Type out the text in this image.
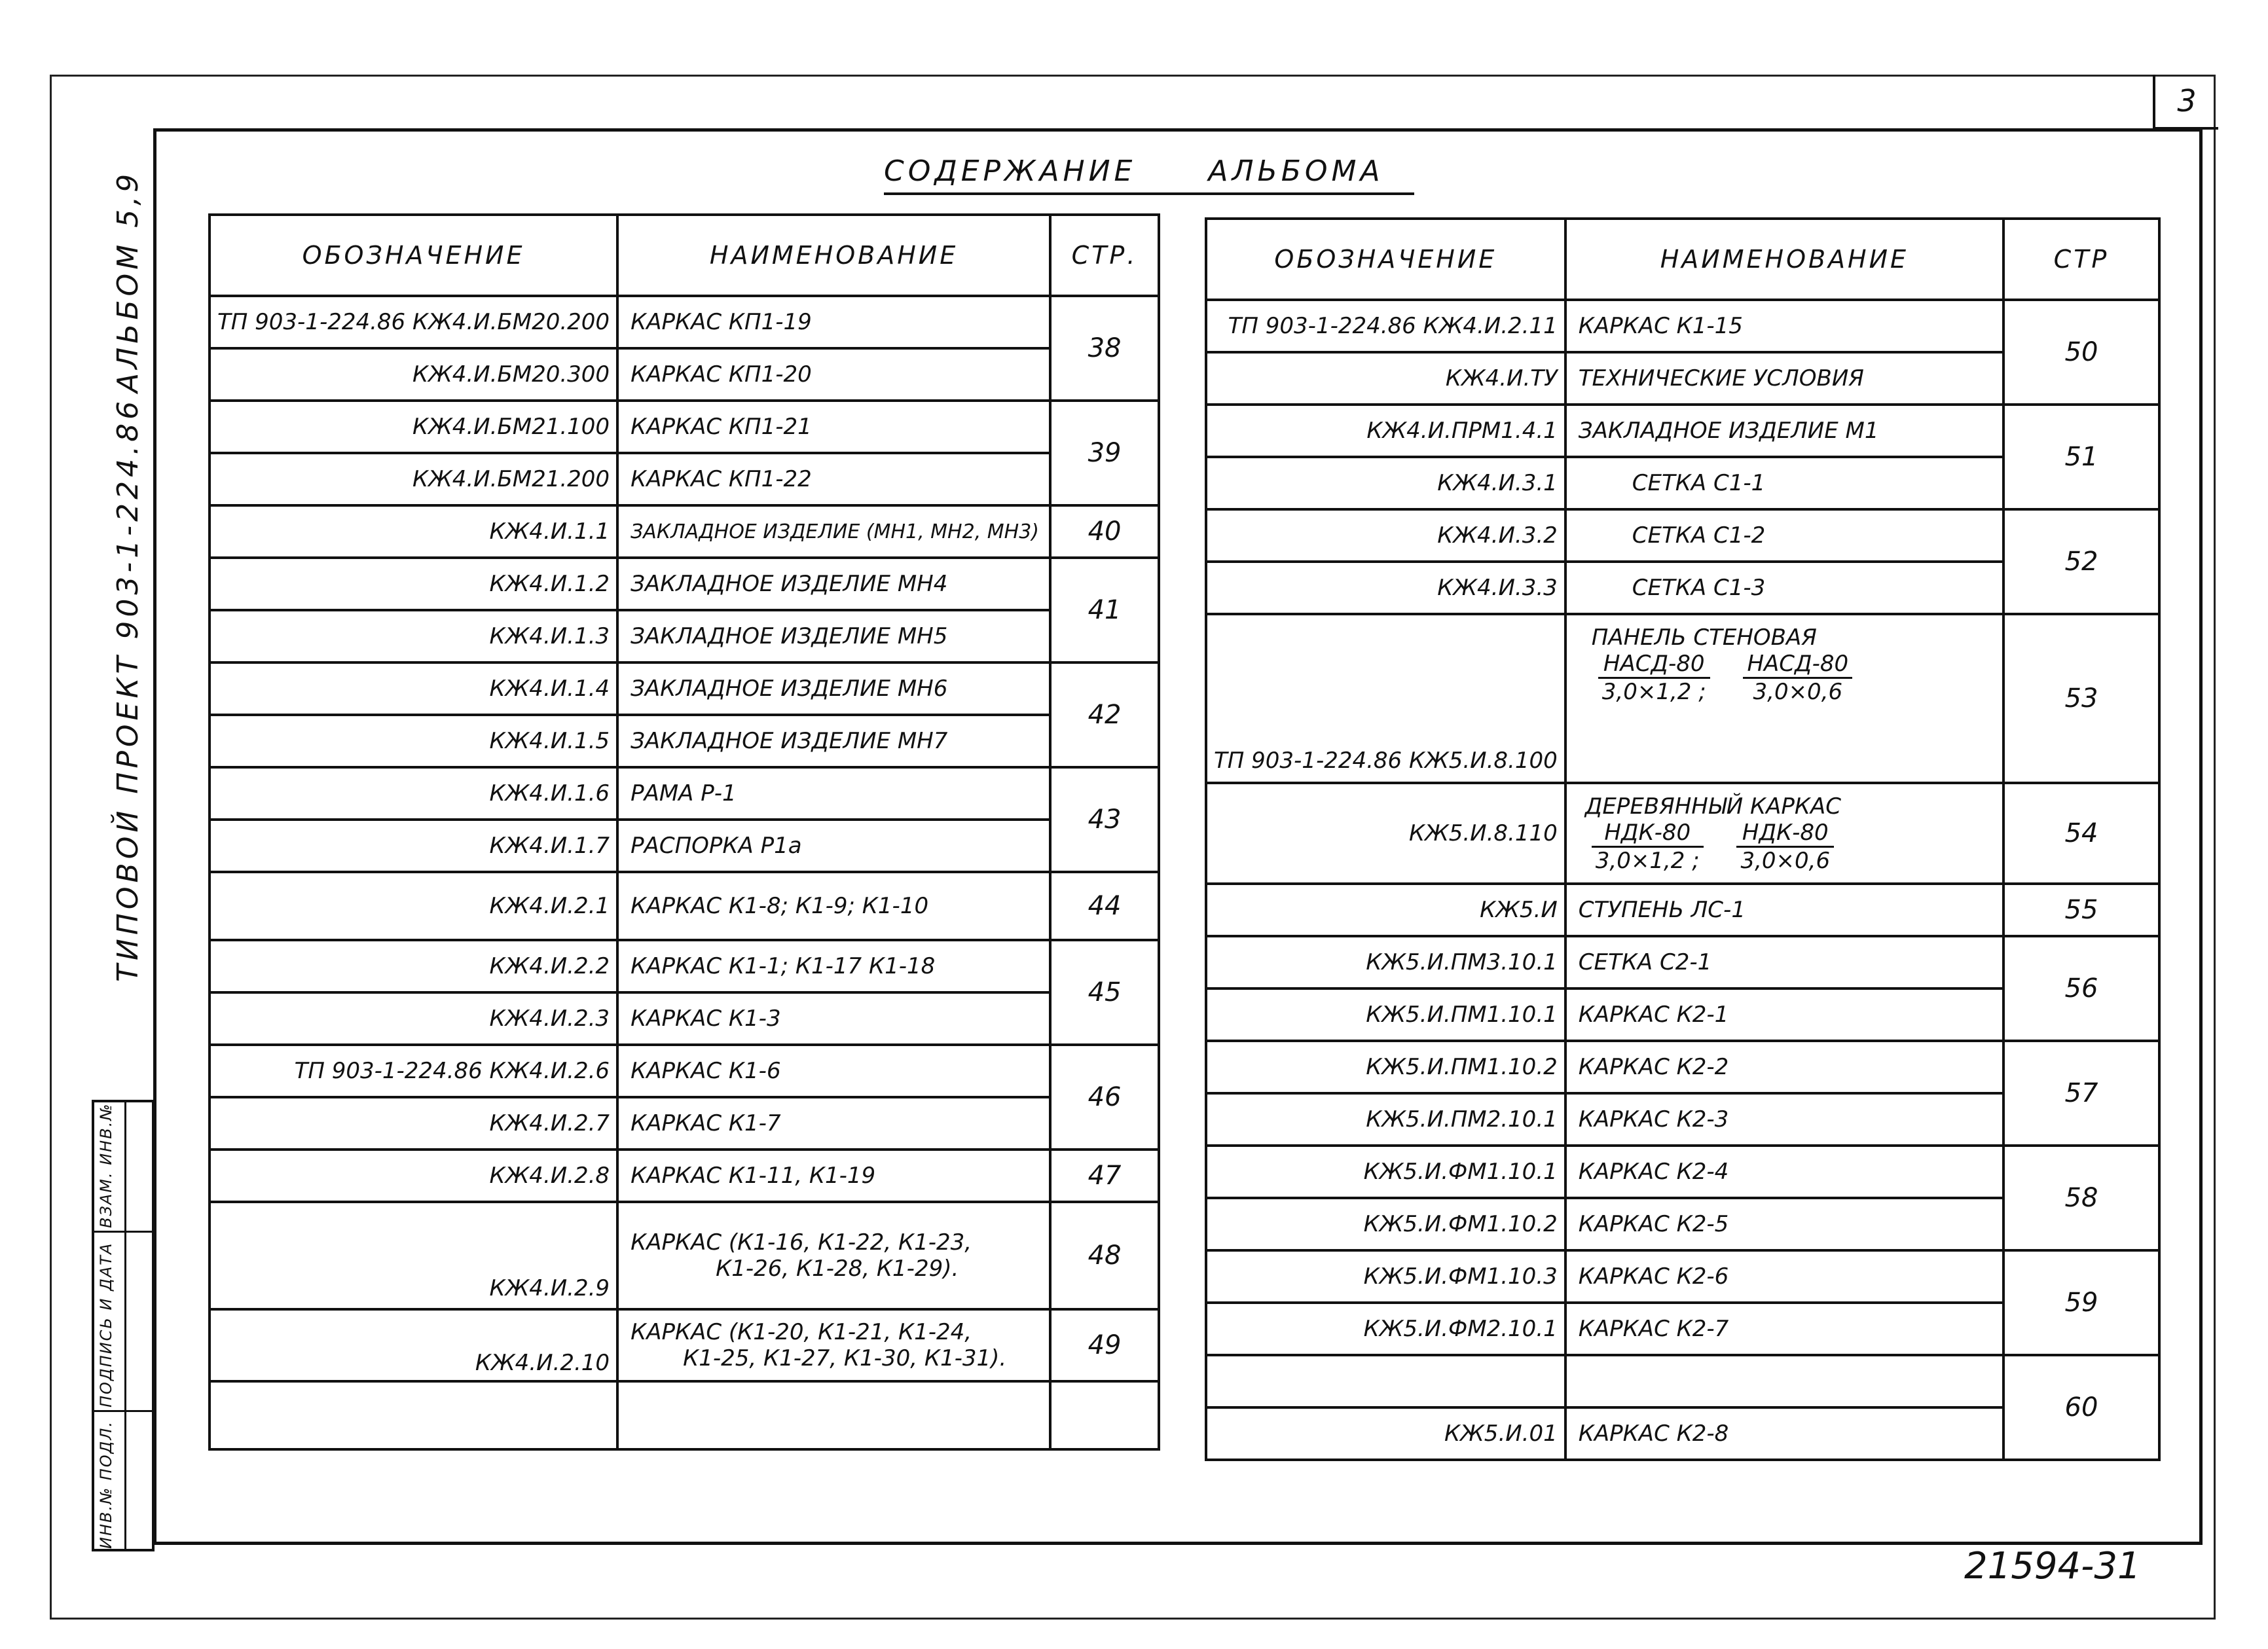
3
АЛЬБОМ 5,9
ТИПОВОЙ ПРОЕКТ 903-1-224.86
ИНВ.№ ПОДЛ.
ПОДПИСЬ И ДАТА
ВЗАМ. ИНВ.№
СОДЕРЖАНИЕ АЛЬБОМА
ОБОЗНАЧЕНИЕ	НАИМЕНОВАНИЕ	СТР.
ТП 903-1-224.86 КЖ4.И.БМ20.200	КАРКАС КП1-19	38
КЖ4.И.БМ20.300	КАРКАС КП1-20	
КЖ4.И.БМ21.100	КАРКАС КП1-21	39
КЖ4.И.БМ21.200	КАРКАС КП1-22	
КЖ4.И.1.1	ЗАКЛАДНОЕ ИЗДЕЛИЕ (МН1, МН2, МН3)	40
КЖ4.И.1.2	ЗАКЛАДНОЕ ИЗДЕЛИЕ МН4	41
КЖ4.И.1.3	ЗАКЛАДНОЕ ИЗДЕЛИЕ МН5	
КЖ4.И.1.4	ЗАКЛАДНОЕ ИЗДЕЛИЕ МН6	42
КЖ4.И.1.5	ЗАКЛАДНОЕ ИЗДЕЛИЕ МН7	
КЖ4.И.1.6	РАМА Р-1	43
КЖ4.И.1.7	РАСПОРКА Р1а	
КЖ4.И.2.1	КАРКАС К1-8; К1-9; К1-10	44
КЖ4.И.2.2	КАРКАС К1-1; К1-17 К1-18	45
КЖ4.И.2.3	КАРКАС К1-3	
ТП 903-1-224.86 КЖ4.И.2.6	КАРКАС К1-6	46
КЖ4.И.2.7	КАРКАС К1-7	
КЖ4.И.2.8	КАРКАС К1-11, К1-19	47
КЖ4.И.2.9	КАРКАС (К1-16, К1-22, К1-23,
К1-26, К1-28, К1-29).	48
КЖ4.И.2.10	КАРКАС (К1-20, К1-21, К1-24,
К1-25, К1-27, К1-30, К1-31).	49

ОБОЗНАЧЕНИЕ	НАИМЕНОВАНИЕ	СТР
ТП 903-1-224.86 КЖ4.И.2.11	КАРКАС К1-15	50
КЖ4.И.ТУ	ТЕХНИЧЕСКИЕ УСЛОВИЯ	
КЖ4.И.ПРМ1.4.1	ЗАКЛАДНОЕ ИЗДЕЛИЕ М1	51
КЖ4.И.3.1	СЕТКА С1-1	
КЖ4.И.3.2	СЕТКА С1-2	52
КЖ4.И.3.3	СЕТКА С1-3	
ТП 903-1-224.86 КЖ5.И.8.100	ПАНЕЛЬ СТЕНОВАЯ
$\frac{\text{НАСД-80}}{3,0\times 1,2 ;}$
$\frac{\text{НАСД-80}}{3,0\times 0,6}$	53
КЖ5.И.8.110	ДЕРЕВЯННЫЙ КАРКАС
$\frac{\text{НДК-80}}{3,0\times 1,2 ;}$
$\frac{\text{НДК-80}}{3,0\times 0,6}$	54
КЖ5.И	СТУПЕНЬ ЛС-1	55
КЖ5.И.ПМ3.10.1	СЕТКА С2-1	56
КЖ5.И.ПМ1.10.1	КАРКАС К2-1	
КЖ5.И.ПМ1.10.2	КАРКАС К2-2	57
КЖ5.И.ПМ2.10.1	КАРКАС К2-3	
КЖ5.И.ФМ1.10.1	КАРКАС К2-4	58
КЖ5.И.ФМ1.10.2	КАРКАС К2-5	
КЖ5.И.ФМ1.10.3	КАРКАС К2-6	59
КЖ5.И.ФМ2.10.1	КАРКАС К2-7	
		60
КЖ5.И.01	КАРКАС К2-8	
21594-31
